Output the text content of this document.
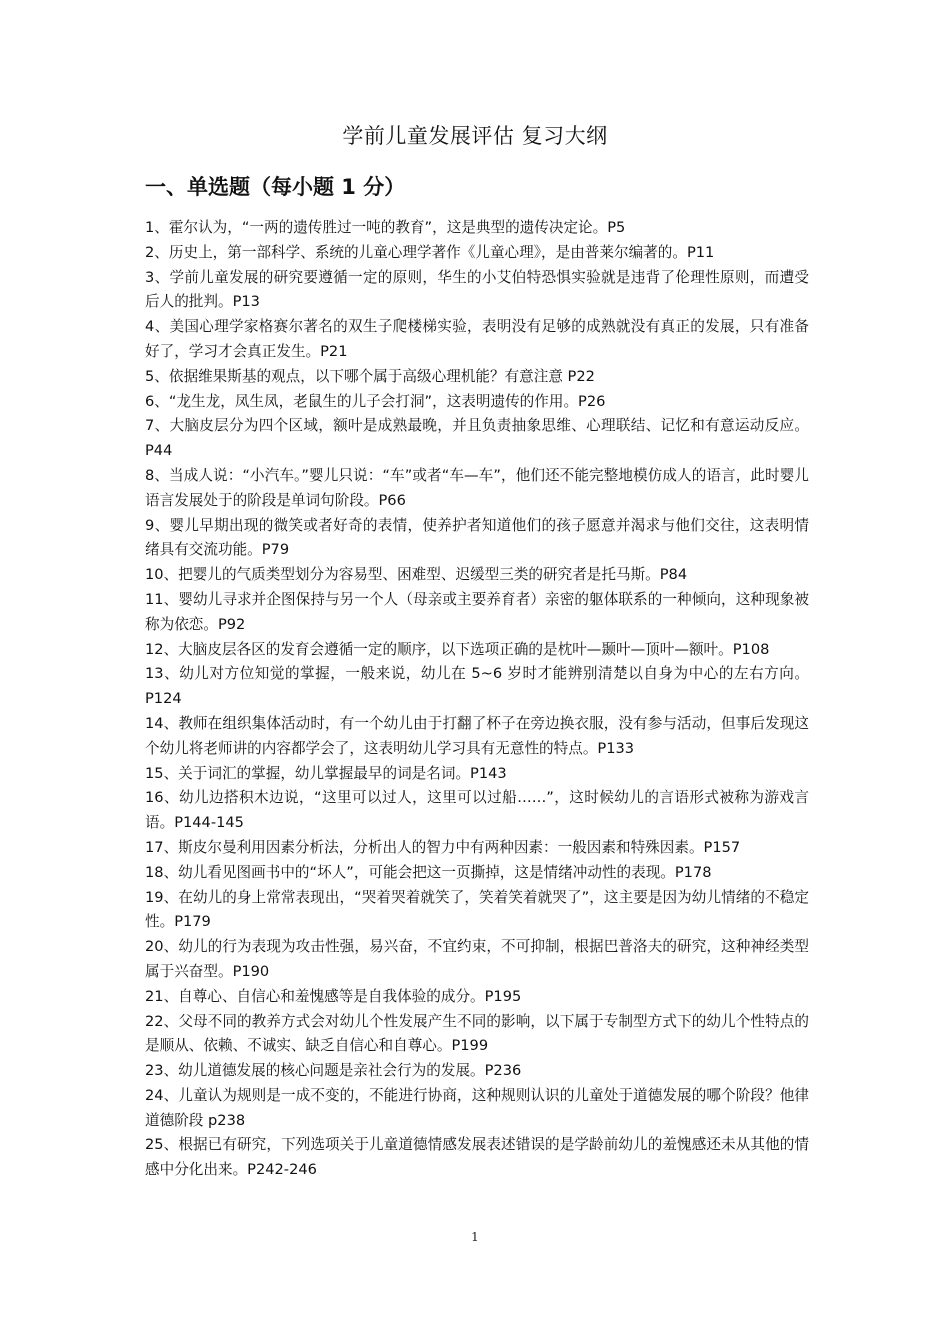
学前儿童发展评估 复习大纲
一、单选题（每小题 1 分）
1、霍尔认为，“一两的遗传胜过一吨的教育”，这是典型的遗传决定论。P5
2、历史上，第一部科学、系统的儿童心理学著作《儿童心理》，是由普莱尔编著的。P11
3、学前儿童发展的研究要遵循一定的原则，华生的小艾伯特恐惧实验就是违背了伦理性原则，而遭受后人的批判。P13
4、美国心理学家格赛尔著名的双生子爬楼梯实验，表明没有足够的成熟就没有真正的发展，只有准备好了，学习才会真正发生。P21
5、依据维果斯基的观点，以下哪个属于高级心理机能？有意注意 P22
6、“龙生龙，凤生凤，老鼠生的儿子会打洞”，这表明遗传的作用。P26
7、大脑皮层分为四个区域，额叶是成熟最晚，并且负责抽象思维、心理联结、记忆和有意运动反应。P44
8、当成人说：“小汽车。”婴儿只说：“车”或者“车—车”，他们还不能完整地模仿成人的语言，此时婴儿语言发展处于的阶段是单词句阶段。P66
9、婴儿早期出现的微笑或者好奇的表情，使养护者知道他们的孩子愿意并渴求与他们交往，这表明情绪具有交流功能。P79
10、把婴儿的气质类型划分为容易型、困难型、迟缓型三类的研究者是托马斯。P84
11、婴幼儿寻求并企图保持与另一个人（母亲或主要养育者）亲密的躯体联系的一种倾向，这种现象被称为依恋。P92
12、大脑皮层各区的发育会遵循一定的顺序，以下选项正确的是枕叶—颞叶—顶叶—额叶。P108
13、幼儿对方位知觉的掌握，一般来说，幼儿在 5~6 岁时才能辨别清楚以自身为中心的左右方向。P124
14、教师在组织集体活动时，有一个幼儿由于打翻了杯子在旁边换衣服，没有参与活动，但事后发现这个幼儿将老师讲的内容都学会了，这表明幼儿学习具有无意性的特点。P133
15、关于词汇的掌握，幼儿掌握最早的词是名词。P143
16、幼儿边搭积木边说，“这里可以过人，这里可以过船……”，这时候幼儿的言语形式被称为游戏言语。P144-145
17、斯皮尔曼利用因素分析法，分析出人的智力中有两种因素：一般因素和特殊因素。P157
18、幼儿看见图画书中的“坏人”，可能会把这一页撕掉，这是情绪冲动性的表现。P178
19、在幼儿的身上常常表现出，“哭着哭着就笑了，笑着笑着就哭了”，这主要是因为幼儿情绪的不稳定性。P179
20、幼儿的行为表现为攻击性强，易兴奋，不宜约束，不可抑制，根据巴普洛夫的研究，这种神经类型属于兴奋型。P190
21、自尊心、自信心和羞愧感等是自我体验的成分。P195
22、父母不同的教养方式会对幼儿个性发展产生不同的影响，以下属于专制型方式下的幼儿个性特点的是顺从、依赖、不诚实、缺乏自信心和自尊心。P199
23、幼儿道德发展的核心问题是亲社会行为的发展。P236
24、儿童认为规则是一成不变的，不能进行协商，这种规则认识的儿童处于道德发展的哪个阶段？他律道德阶段 p238
25、根据已有研究，下列选项关于儿童道德情感发展表述错误的是学龄前幼儿的羞愧感还未从其他的情感中分化出来。P242-246
1
